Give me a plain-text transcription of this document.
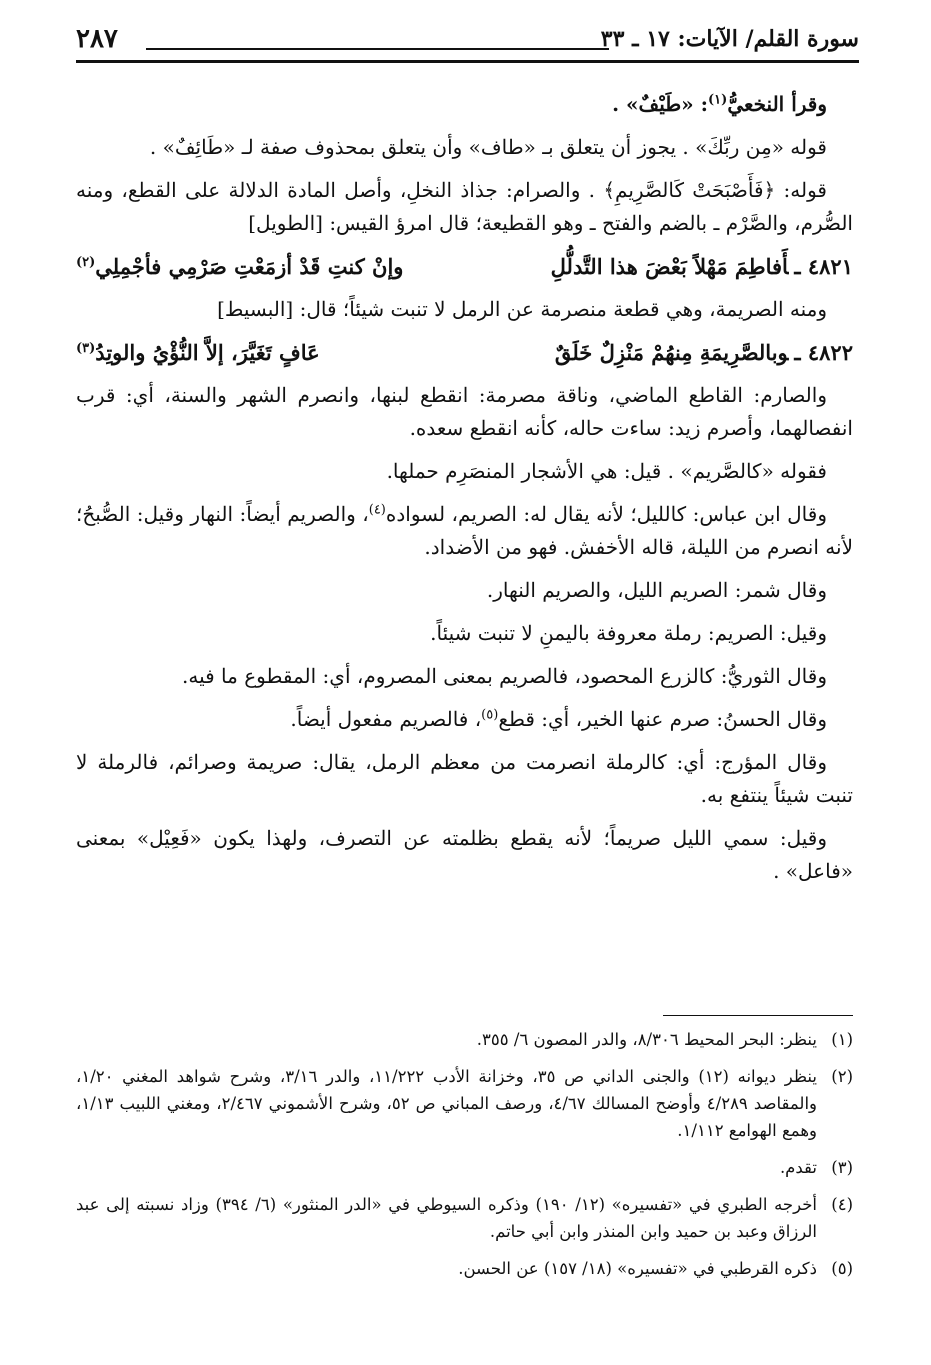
سورة القلم/ الآيات: ١٧ ـ ٣٣
٢٨٧

وقرأ النخعيُّ$^{(١)}$: «طَيْفٌ» .

قوله «مِن ربِّكَ» . يجوز أن يتعلق بـ «طاف» وأن يتعلق بمحذوف صفة لـ «طَائِفٌ» .

قوله: ﴿فَأَصْبَحَتْ كَالصَّرِيمِ﴾ . والصرام: جذاذ النخلِ، وأصل المادة الدلالة على القطع، ومنه الصُّرم، والصَّرْم ـ بالضم والفتح ـ وهو القطيعة؛ قال امرؤ القيس: [الطويل]

٤٨٢١ ـأَفاطِمَ مَهْلاً بَعْضَ هذا التَّدلُّلِ
وإنْ كنتِ قَدْ أزمَعْتِ صَرْمِي فأجْمِلِي$^{(٢)}$

ومنه الصريمة، وهي قطعة منصرمة عن الرمل لا تنبت شيئاً؛ قال: [البسيط]

٤٨٢٢ ـوبالصَّرِيمَةِ مِنهُمْ مَنْزِلٌ خَلَقٌ
عَافٍ تَغَيَّرَ، إلاَّ النُّؤْيُ والوتِدُ$^{(٣)}$

والصارم: القاطع الماضي، وناقة مصرمة: انقطع لبنها، وانصرم الشهر والسنة، أي: قرب انفصالهما، وأصرم زيد: ساءت حاله، كأنه انقطع سعده.

فقوله «كالصَّريم» . قيل: هي الأشجار المنصَرِم حملها.

وقال ابن عباس: كالليل؛ لأنه يقال له: الصريم، لسواده$^{(٤)}$، والصريم أيضاً: النهار وقيل: الصُّبحُ؛ لأنه انصرم من الليلة، قاله الأخفش. فهو من الأضداد.

وقال شمر: الصريم الليل، والصريم النهار.

وقيل: الصريم: رملة معروفة باليمنِ لا تنبت شيئاً.

وقال الثوريُّ: كالزرع المحصود، فالصريم بمعنى المصروم، أي: المقطوع ما فيه.

وقال الحسنُ: صرم عنها الخير، أي: قطع$^{(٥)}$، فالصريم مفعول أيضاً.

وقال المؤرج: أي: كالرملة انصرمت من معظم الرمل، يقال: صريمة وصرائم، فالرملة لا تنبت شيئاً ينتفع به.

وقيل: سمي الليل صريماً؛ لأنه يقطع بظلمته عن التصرف، ولهذا يكون «فَعِيْل» بمعنى «فاعل» .

(١)
ينظر: البحر المحيط ٨/٣٠٦، والدر المصون ٦/ ٣٥٥.
(٢)
ينظر ديوانه (١٢) والجنى الداني ص ٣٥، وخزانة الأدب ١١/٢٢٢، والدر ٣/١٦، وشرح شواهد المغني ١/٢٠، والمقاصد ٤/٢٨٩ وأوضح المسالك ٤/٦٧، ورصف المباني ص ٥٢، وشرح الأشموني ٢/٤٦٧، ومغني اللبيب ١/١٣، وهمع الهوامع ١/١١٢.
(٣)
تقدم.
(٤)
أخرجه الطبري في «تفسيره» (١٢/ ١٩٠) وذكره السيوطي في «الدر المنثور» (٦/ ٣٩٤) وزاد نسبته إلى عبد الرزاق وعبد بن حميد وابن المنذر وابن أبي حاتم.
(٥)
ذكره القرطبي في «تفسيره» (١٨/ ١٥٧) عن الحسن.
